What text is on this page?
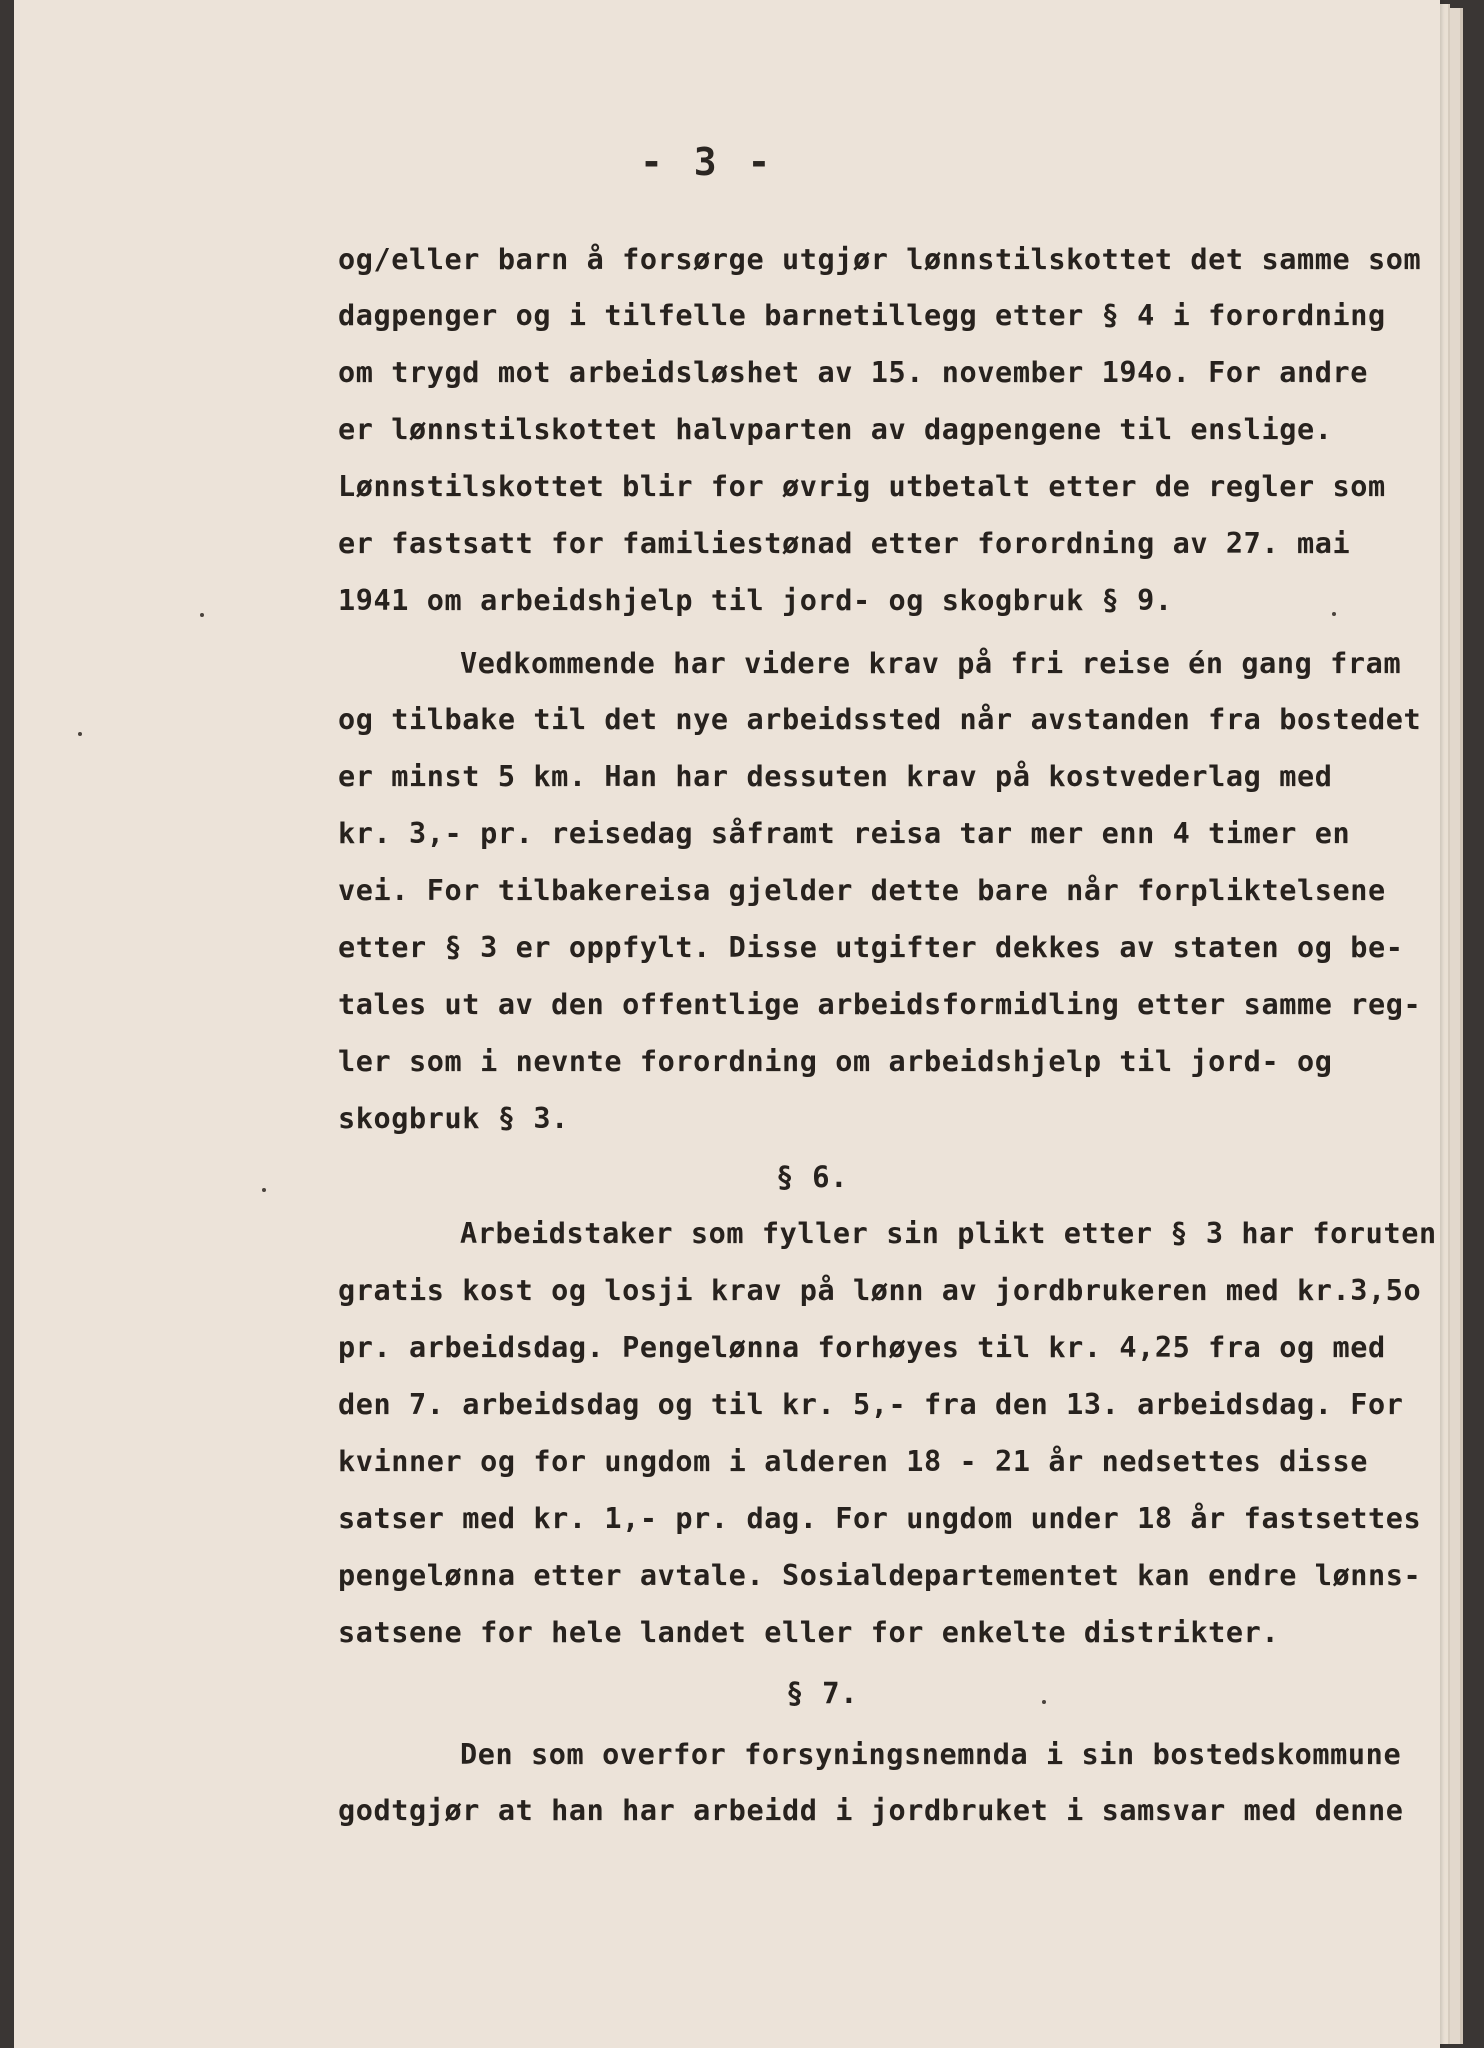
- 3 -
og/eller barn å forsørge utgjør lønnstilskottet det samme som
dagpenger og i tilfelle barnetillegg etter § 4 i forordning
om trygd mot arbeidsløshet av 15. november 194o. For andre
er lønnstilskottet halvparten av dagpengene til enslige.
Lønnstilskottet blir for øvrig utbetalt etter de regler som
er fastsatt for familiestønad etter forordning av 27. mai
1941 om arbeidshjelp til jord- og skogbruk § 9.
Vedkommende har videre krav på fri reise én gang fram
og tilbake til det nye arbeidssted når avstanden fra bostedet
er minst 5 km. Han har dessuten krav på kostvederlag med
kr. 3,- pr. reisedag såframt reisa tar mer enn 4 timer en
vei. For tilbakereisa gjelder dette bare når forpliktelsene
etter § 3 er oppfylt. Disse utgifter dekkes av staten og be-
tales ut av den offentlige arbeidsformidling etter samme reg-
ler som i nevnte forordning om arbeidshjelp til jord- og
skogbruk § 3.
§ 6.
Arbeidstaker som fyller sin plikt etter § 3 har foruten
gratis kost og losji krav på lønn av jordbrukeren med kr.3,5o
pr. arbeidsdag. Pengelønna forhøyes til kr. 4,25 fra og med
den 7. arbeidsdag og til kr. 5,- fra den 13. arbeidsdag. For
kvinner og for ungdom i alderen 18 - 21 år nedsettes disse
satser med kr. 1,- pr. dag. For ungdom under 18 år fastsettes
pengelønna etter avtale. Sosialdepartementet kan endre lønns-
satsene for hele landet eller for enkelte distrikter.
§ 7.
Den som overfor forsyningsnemnda i sin bostedskommune
godtgjør at han har arbeidd i jordbruket i samsvar med denne
